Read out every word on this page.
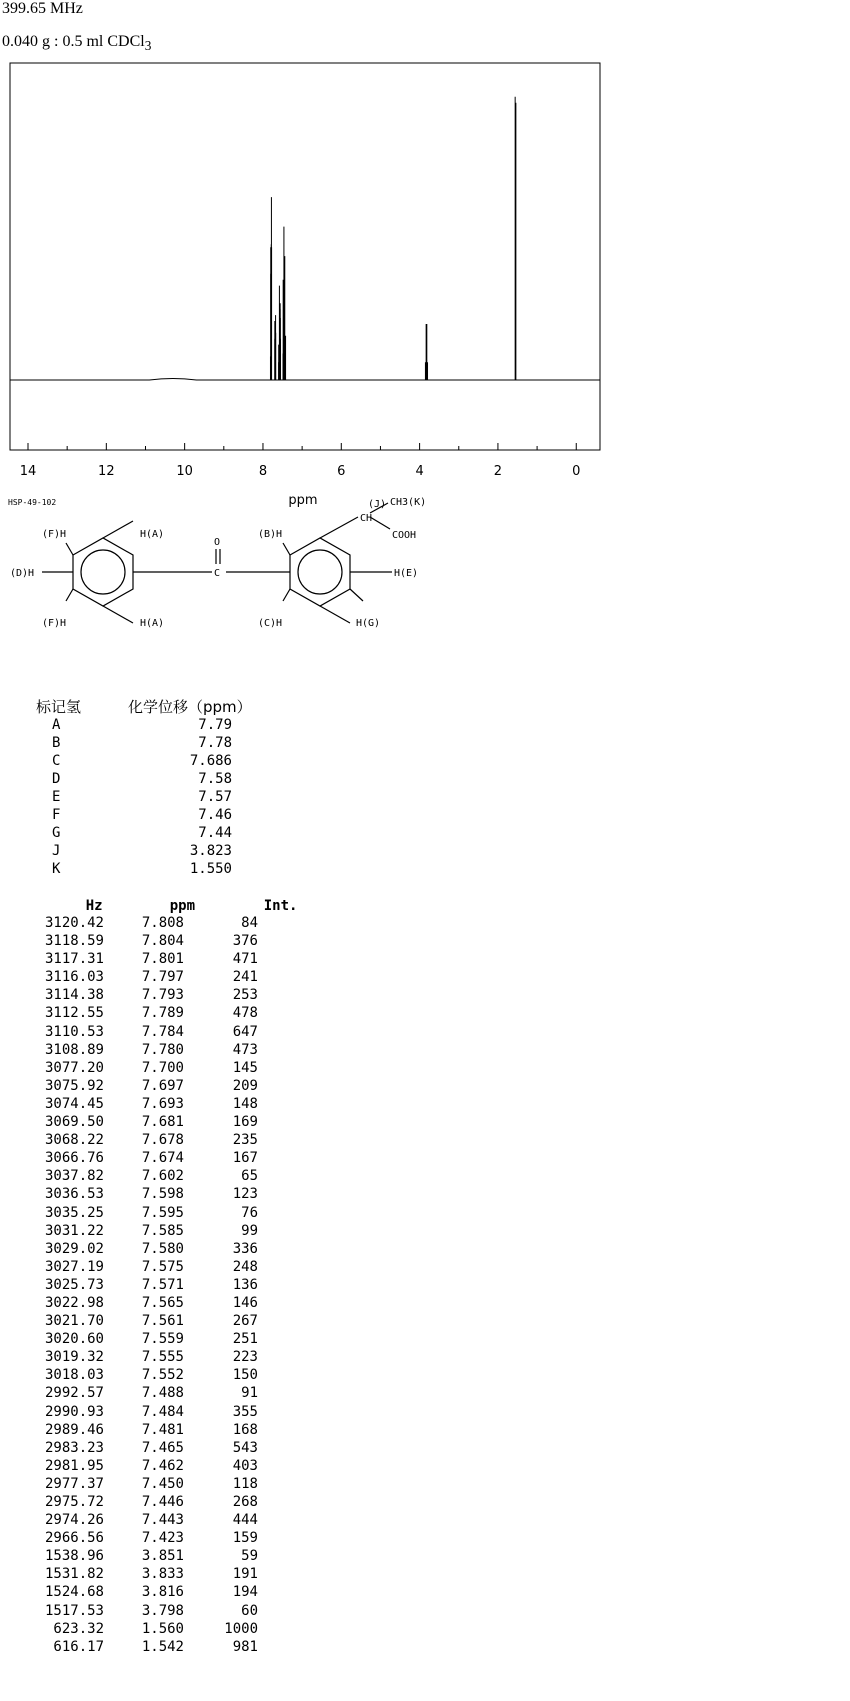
399.65 MHz
0.040 g : 0.5 ml CDCl$_3$
14	12	10	8	6	4	2	0
ppm
HSP-49-102
(F)H	H(A)	(B)H
(J)
CH
CH3(K)
COOH
(D)H
O
C	H(E)
(F)H	H(A)	(C)H	H(G)
标记氢	化学位移（ppm）
A	7.79
B	7.78
C	7.686
D	7.58
E	7.57
F	7.46
G	7.44
J	3.823
K	1.550

Hz	ppm	Int.

3120.42	7.808	84
3118.59	7.804	376
3117.31	7.801	471
3116.03	7.797	241
3114.38	7.793	253
3112.55	7.789	478
3110.53	7.784	647
3108.89	7.780	473
3077.20	7.700	145
3075.92	7.697	209
3074.45	7.693	148
3069.50	7.681	169
3068.22	7.678	235
3066.76	7.674	167
3037.82	7.602	65
3036.53	7.598	123
3035.25	7.595	76
3031.22	7.585	99
3029.02	7.580	336
3027.19	7.575	248
3025.73	7.571	136
3022.98	7.565	146
3021.70	7.561	267
3020.60	7.559	251
3019.32	7.555	223
3018.03	7.552	150
2992.57	7.488	91
2990.93	7.484	355
2989.46	7.481	168
2983.23	7.465	543
2981.95	7.462	403
2977.37	7.450	118
2975.72	7.446	268
2974.26	7.443	444
2966.56	7.423	159
1538.96	3.851	59
1531.82	3.833	191
1524.68	3.816	194
1517.53	3.798	60
623.32	1.560	1000
616.17	1.542	981
